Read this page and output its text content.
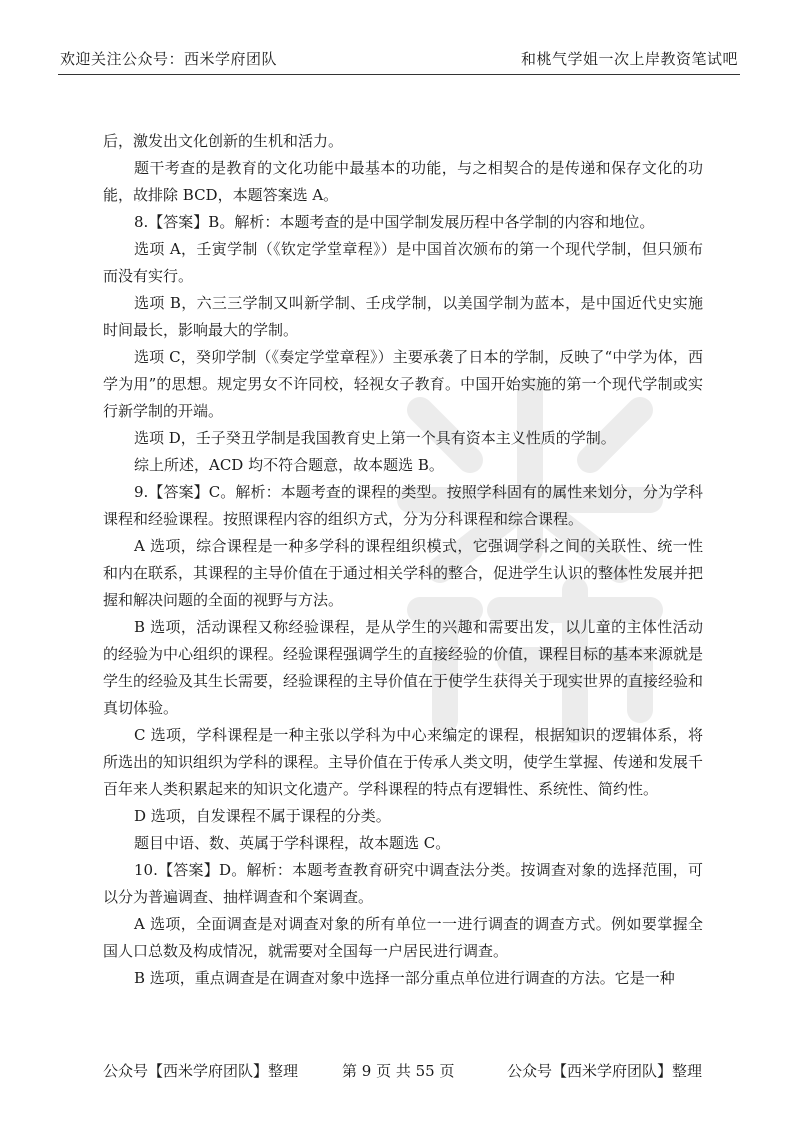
欢迎关注公众号：西米学府团队	和桃气学姐一次上岸教资笔试吧

后，激发出文化创新的生机和活力。

题干考查的是教育的文化功能中最基本的功能，与之相契合的是传递和保存文化的功能，故排除 BCD，本题答案选 A。

8.【答案】B。解析：本题考查的是中国学制发展历程中各学制的内容和地位。

选项 A，壬寅学制（《钦定学堂章程》）是中国首次颁布的第一个现代学制，但只颁布而没有实行。

选项 B，六三三学制又叫新学制、壬戌学制，以美国学制为蓝本，是中国近代史实施时间最长，影响最大的学制。

选项 C，癸卯学制（《奏定学堂章程》）主要承袭了日本的学制，反映了“中学为体，西学为用”的思想。规定男女不许同校，轻视女子教育。中国开始实施的第一个现代学制或实行新学制的开端。

选项 D，壬子癸丑学制是我国教育史上第一个具有资本主义性质的学制。

综上所述，ACD 均不符合题意，故本题选 B。

9.【答案】C。解析：本题考查的课程的类型。按照学科固有的属性来划分，分为学科课程和经验课程。按照课程内容的组织方式，分为分科课程和综合课程。

A 选项，综合课程是一种多学科的课程组织模式，它强调学科之间的关联性、统一性和内在联系，其课程的主导价值在于通过相关学科的整合，促进学生认识的整体性发展并把握和解决问题的全面的视野与方法。

B 选项，活动课程又称经验课程，是从学生的兴趣和需要出发，以儿童的主体性活动的经验为中心组织的课程。经验课程强调学生的直接经验的价值，课程目标的基本来源就是学生的经验及其生长需要，经验课程的主导价值在于使学生获得关于现实世界的直接经验和真切体验。

C 选项，学科课程是一种主张以学科为中心来编定的课程，根据知识的逻辑体系，将所选出的知识组织为学科的课程。主导价值在于传承人类文明，使学生掌握、传递和发展千百年来人类积累起来的知识文化遗产。学科课程的特点有逻辑性、系统性、简约性。

D 选项，自发课程不属于课程的分类。

题目中语、数、英属于学科课程，故本题选 C。

10.【答案】D。解析：本题考查教育研究中调查法分类。按调查对象的选择范围，可以分为普遍调查、抽样调查和个案调查。

A 选项，全面调查是对调查对象的所有单位一一进行调查的调查方式。例如要掌握全国人口总数及构成情况，就需要对全国每一户居民进行调查。

B 选项，重点调查是在调查对象中选择一部分重点单位进行调查的方法。它是一种

公众号【西米学府团队】整理	第 9 页 共 55 页	公众号【西米学府团队】整理
